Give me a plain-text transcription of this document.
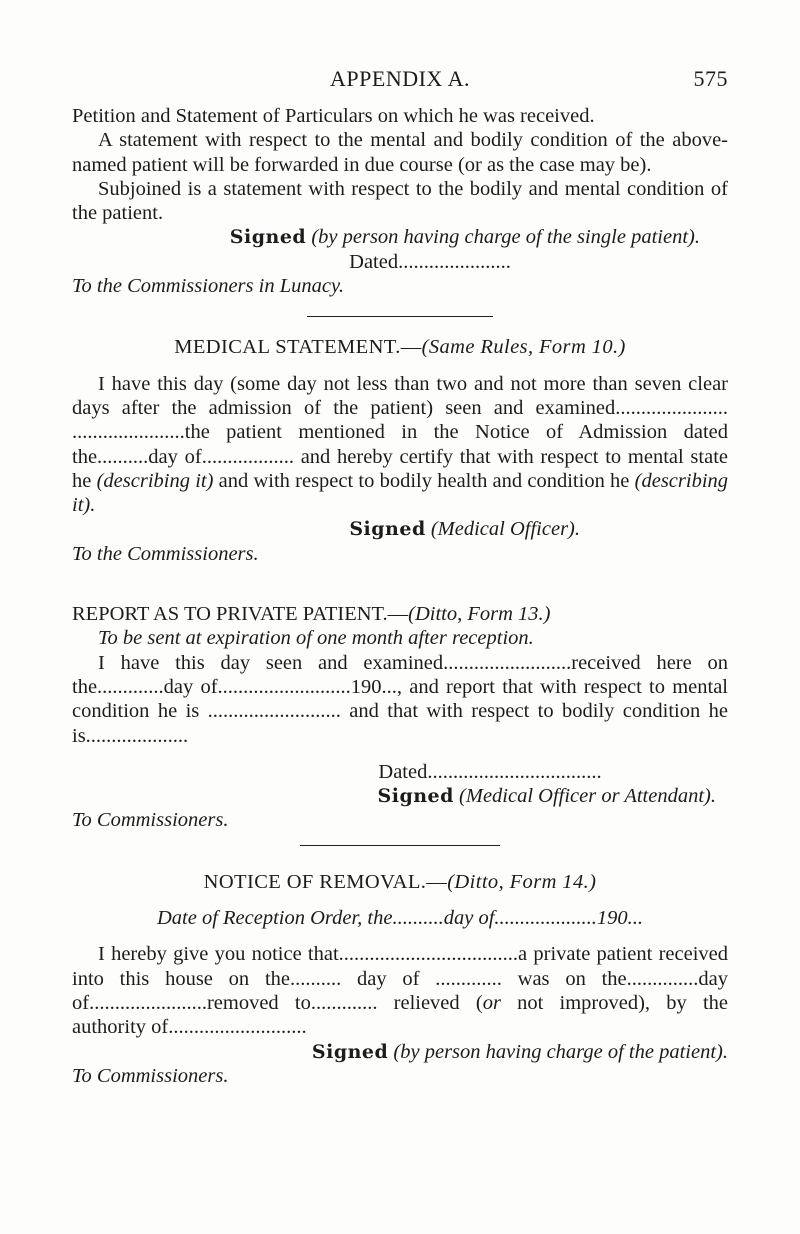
APPENDIX A.	575

Petition and Statement of Particulars on which he was received.

A statement with respect to the mental and bodily condition of the above-named patient will be forwarded in due course (or as the case may be).

Subjoined is a statement with respect to the bodily and mental condition of the patient.

Signed (by person having charge of the single patient).

Dated......................

To the Commissioners in Lunacy.

MEDICAL STATEMENT.—(Same Rules, Form 10.)

I have this day (some day not less than two and not more than seven clear days after the admission of the patient) seen and examined...................... ......................the patient mentioned in the Notice of Admission dated the..........day of.................. and hereby certify that with respect to mental state he (describing it) and with respect to bodily health and condition he (describing it).

Signed (Medical Officer).

To the Commissioners.

REPORT AS TO PRIVATE PATIENT.—(Ditto, Form 13.)

To be sent at expiration of one month after reception.

I have this day seen and examined.........................received here on the.............day of..........................190..., and report that with respect to mental condition he is .......................... and that with respect to bodily condition he is....................

Dated..................................

Signed (Medical Officer or Attendant).

To Commissioners.

NOTICE OF REMOVAL.—(Ditto, Form 14.)

Date of Reception Order, the..........day of....................190...

I hereby give you notice that...................................a private patient received into this house on the.......... day of ............. was on the..............day of.......................removed to............. relieved (or not improved), by the authority of...........................

Signed (by person having charge of the patient).

To Commissioners.
